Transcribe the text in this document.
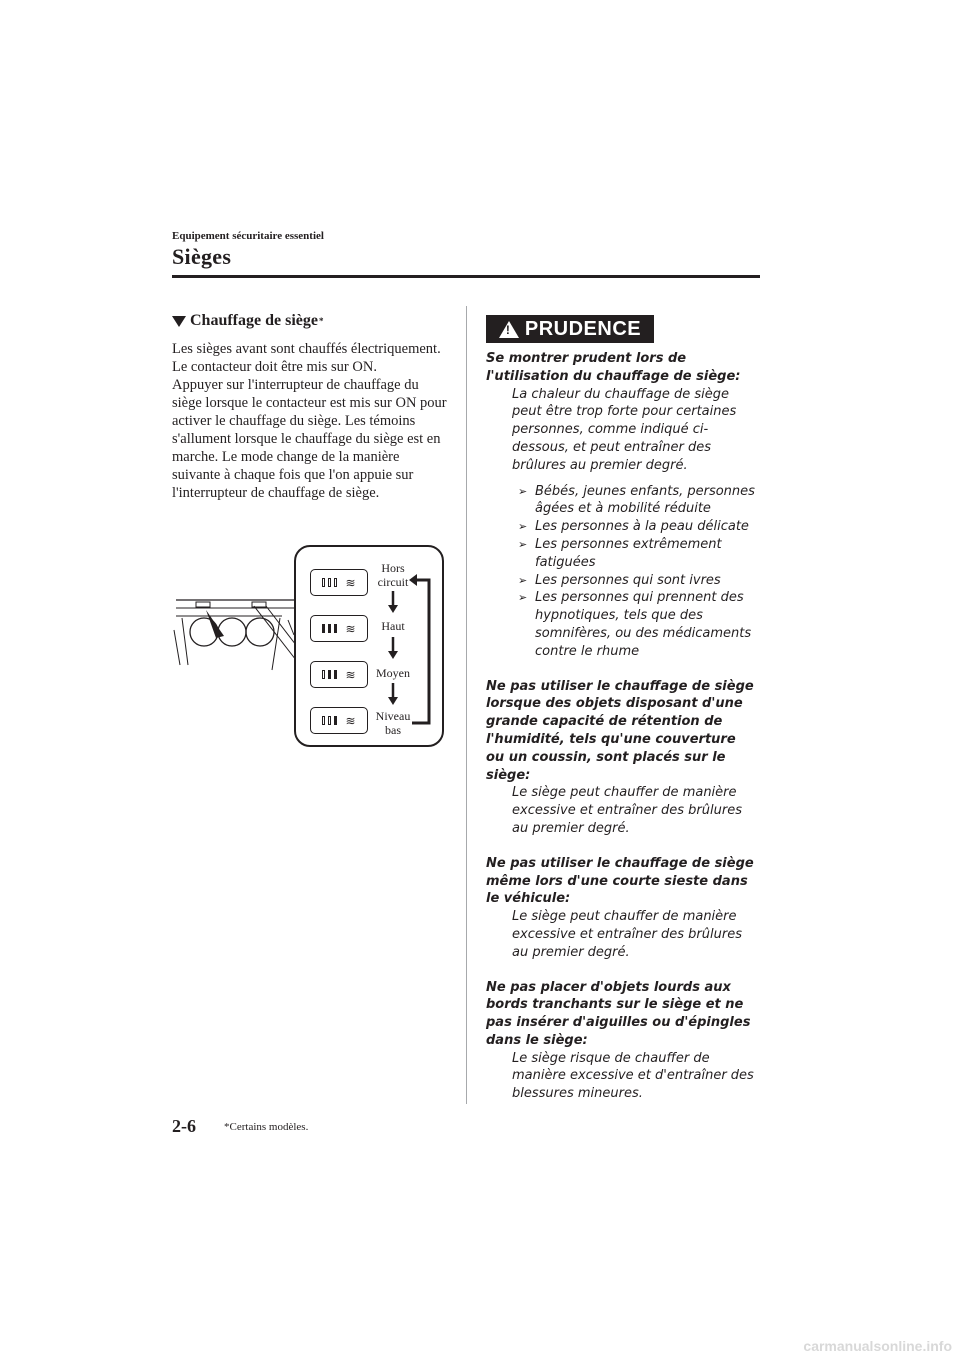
Equipement sécuritaire essentiel
Sièges
Chauffage de siège *

Les sièges avant sont chauffés électriquement. Le contacteur doit être mis sur ON.

Appuyer sur l'interrupteur de chauffage du siège lorsque le contacteur est mis sur ON pour activer le chauffage du siège. Les témoins s'allument lorsque le chauffage du siège est en marche. Le mode change de la manière suivante à chaque fois que l'on appuie sur l'interrupteur de chauffage de siège.

≋
≋
≋
≋
Hors
circuit
Haut
Moyen
Niveau
bas
!
PRUDENCE
Se montrer prudent lors de l'utilisation du chauffage de siège:
La chaleur du chauffage de siège peut être trop forte pour certaines personnes, comme indiqué ci-dessous, et peut entraîner des brûlures au premier degré.
➢ Bébés, jeunes enfants, personnes âgées et à mobilité réduite
➢ Les personnes à la peau délicate
➢ Les personnes extrêmement fatiguées
➢ Les personnes qui sont ivres
➢ Les personnes qui prennent des hypnotiques, tels que des somnifères, ou des médicaments contre le rhume
Ne pas utiliser le chauffage de siège lorsque des objets disposant d'une grande capacité de rétention de l'humidité, tels qu'une couverture ou un coussin, sont placés sur le siège:
Le siège peut chauffer de manière excessive et entraîner des brûlures au premier degré.
Ne pas utiliser le chauffage de siège même lors d'une courte sieste dans le véhicule:
Le siège peut chauffer de manière excessive et entraîner des brûlures au premier degré.
Ne pas placer d'objets lourds aux bords tranchants sur le siège et ne pas insérer d'aiguilles ou d'épingles dans le siège:
Le siège risque de chauffer de manière excessive et d'entraîner des blessures mineures.
2-6	*Certains modèles.
carmanualsonline.info
